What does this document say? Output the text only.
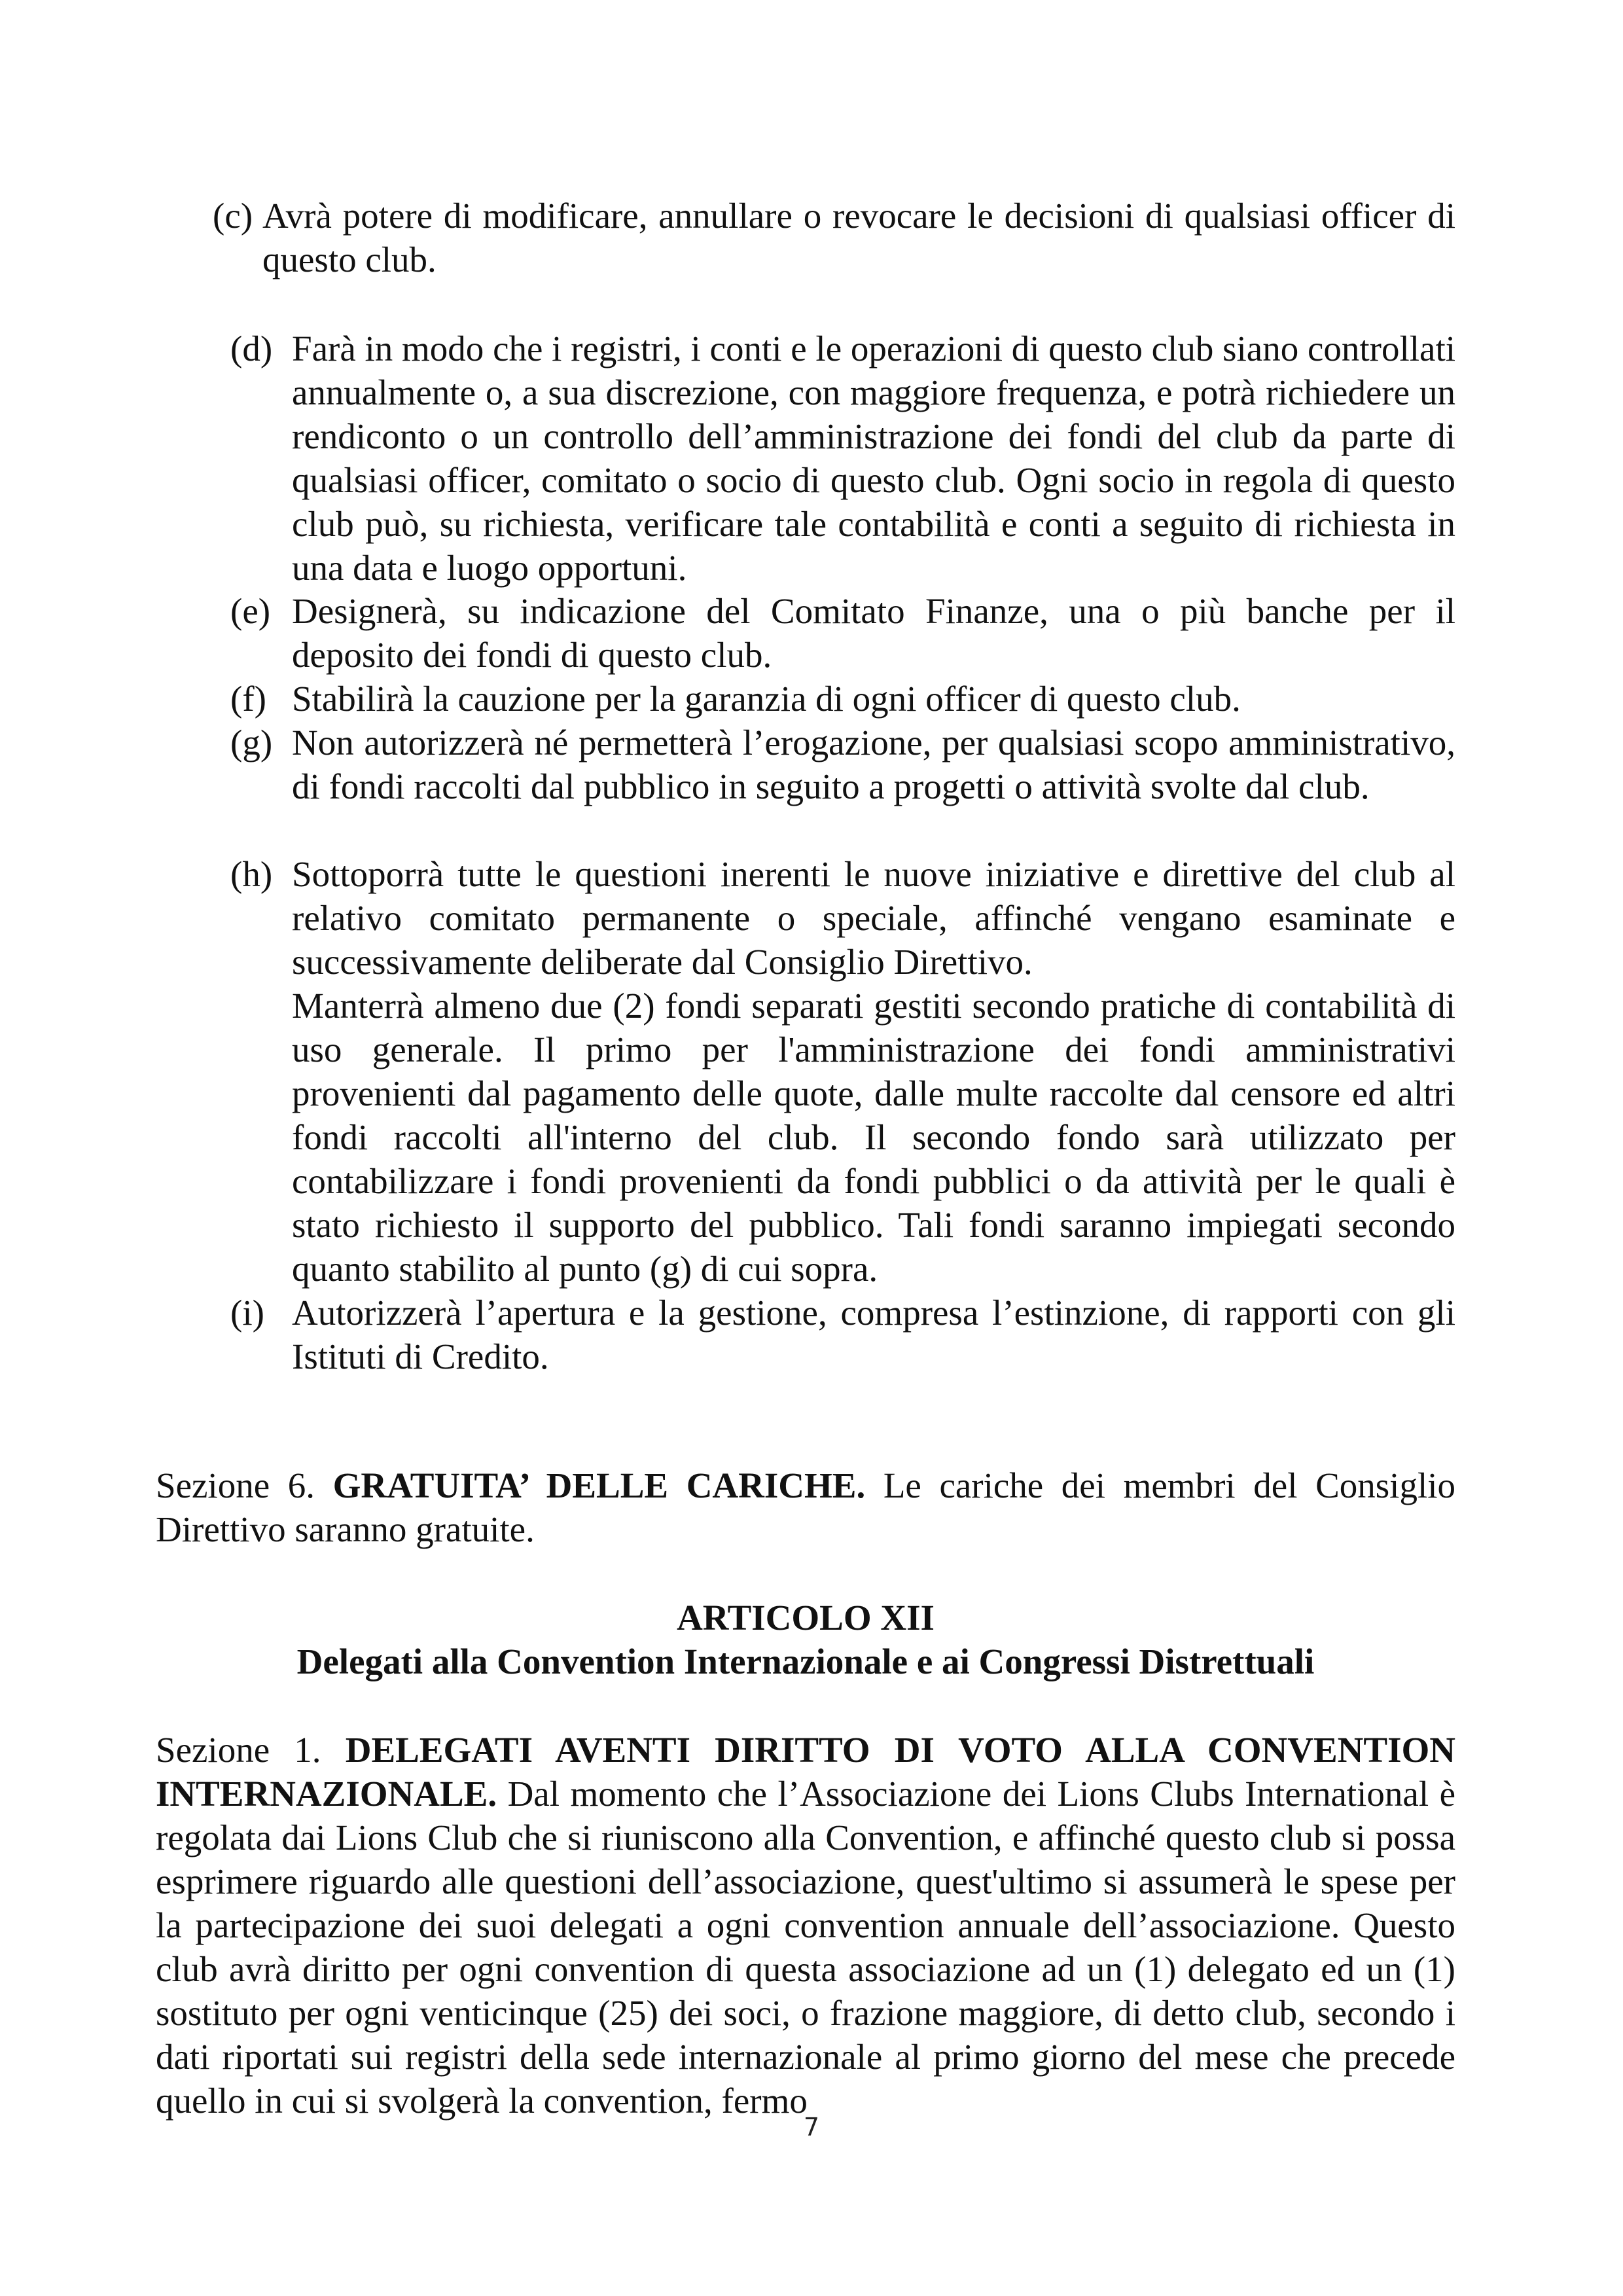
(c) Avrà potere di modificare, annullare o revocare le decisioni di qualsiasi officer di questo club.
(d) Farà in modo che i registri, i conti e le operazioni di questo club siano controllati annualmente o, a sua discrezione, con maggiore frequenza, e potrà richiedere un rendiconto o un controllo dell’amministrazione dei fondi del club da parte di qualsiasi officer, comitato o socio di questo club. Ogni socio in regola di questo club può, su richiesta, verificare tale contabilità e conti a seguito di richiesta in una data e luogo opportuni.
(e) Designerà, su indicazione del Comitato Finanze, una o più banche per il deposito dei fondi di questo club.
(f) Stabilirà la cauzione per la garanzia di ogni officer di questo club.
(g) Non autorizzerà né permetterà l’erogazione, per qualsiasi scopo amministrativo, di fondi raccolti dal pubblico in seguito a progetti o attività svolte dal club.
(h) Sottoporrà tutte le questioni inerenti le nuove iniziative e direttive del club al relativo comitato permanente o speciale, affinché vengano esaminate e successivamente deliberate dal Consiglio Direttivo.
Manterrà almeno due (2) fondi separati gestiti secondo pratiche di contabilità di uso generale. Il primo per l'amministrazione dei fondi amministrativi provenienti dal pagamento delle quote, dalle multe raccolte dal censore ed altri fondi raccolti all'interno del club. Il secondo fondo sarà utilizzato per contabilizzare i fondi provenienti da fondi pubblici o da attività per le quali è stato richiesto il supporto del pubblico. Tali fondi saranno impiegati secondo quanto stabilito al punto (g) di cui sopra.
(i) Autorizzerà l’apertura e la gestione, compresa l’estinzione, di rapporti con gli Istituti di Credito.
Sezione 6. GRATUITA’ DELLE CARICHE. Le cariche dei membri del Consiglio Direttivo saranno gratuite.
ARTICOLO XII
Delegati alla Convention Internazionale e ai Congressi Distrettuali
Sezione 1. DELEGATI AVENTI DIRITTO DI VOTO ALLA CONVENTION INTERNAZIONALE. Dal momento che l’Associazione dei Lions Clubs International è regolata dai Lions Club che si riuniscono alla Convention, e affinché questo club si possa esprimere riguardo alle questioni dell’associazione, quest'ultimo si assumerà le spese per la partecipazione dei suoi delegati a ogni convention annuale dell’associazione. Questo club avrà diritto per ogni convention di questa associazione ad un (1) delegato ed un (1) sostituto per ogni venticinque (25) dei soci, o frazione maggiore, di detto club, secondo i dati riportati sui registri della sede internazionale al primo giorno del mese che precede quello in cui si svolgerà la convention, fermo
7
